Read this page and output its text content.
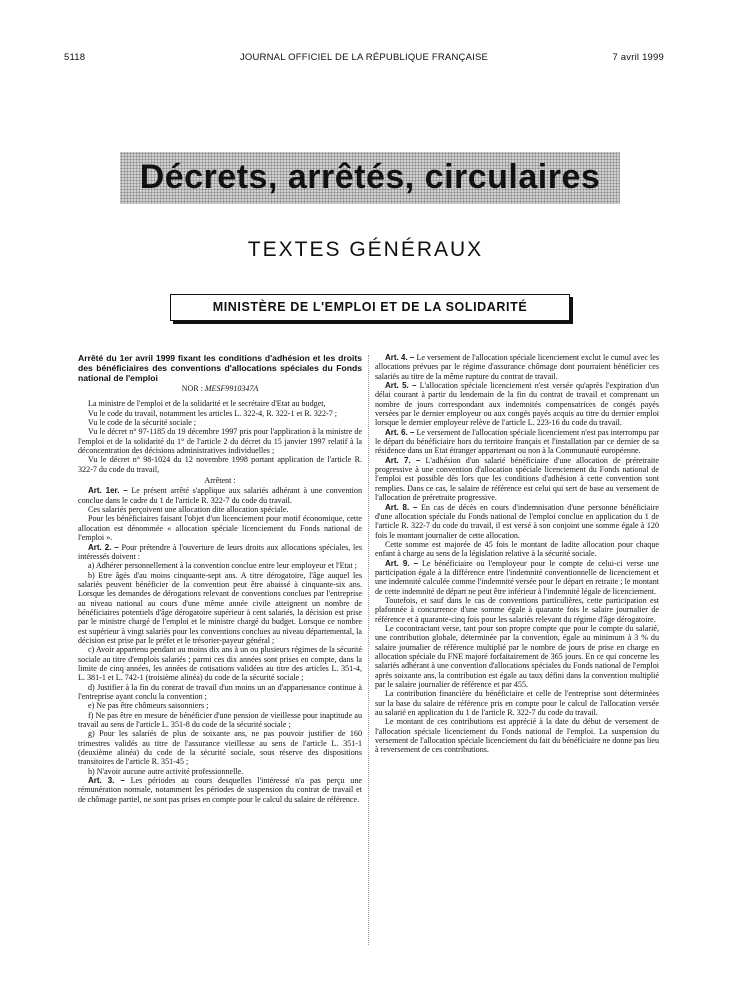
5118	JOURNAL OFFICIEL DE LA RÉPUBLIQUE FRANÇAISE	7 avril 1999
Décrets, arrêtés, circulaires
TEXTES GÉNÉRAUX
MINISTÈRE DE L'EMPLOI ET DE LA SOLIDARITÉ

Arrêté du 1er avril 1999 fixant les conditions d'adhésion et les droits des bénéficiaires des conventions d'allocations spéciales du Fonds national de l'emploi

NOR : MESF9910347A

La ministre de l'emploi et de la solidarité et le secrétaire d'Etat au budget,

Vu le code du travail, notamment les articles L. 322-4, R. 322-1 et R. 322-7 ;

Vu le code de la sécurité sociale ;

Vu le décret n° 97-1185 du 19 décembre 1997 pris pour l'application à la ministre de l'emploi et de la solidarité du 1° de l'article 2 du décret du 15 janvier 1997 relatif à la déconcentration des décisions administratives individuelles ;

Vu le décret n° 98-1024 du 12 novembre 1998 portant application de l'article R. 322-7 du code du travail,

Arrêtent :

Art. 1er. – Le présent arrêté s'applique aux salariés adhérant à une convention conclue dans le cadre du 1 de l'article R. 322-7 du code du travail.

Ces salariés perçoivent une allocation dite allocation spéciale.

Pour les bénéficiaires faisant l'objet d'un licenciement pour motif économique, cette allocation est dénommée « allocation spéciale licenciement du Fonds national de l'emploi ».

Art. 2. – Pour prétendre à l'ouverture de leurs droits aux allocations spéciales, les intéressés doivent :

a) Adhérer personnellement à la convention conclue entre leur employeur et l'Etat ;

b) Etre âgés d'au moins cinquante-sept ans. A titre dérogatoire, l'âge auquel les salariés peuvent bénéficier de la convention peut être abaissé à cinquante-six ans. Lorsque les demandes de dérogations relevant de conventions conclues par l'entreprise au niveau national au cours d'une même année civile atteignent un nombre de bénéficiaires potentiels d'âge dérogatoire supérieur à cent salariés, la décision est prise par le ministre chargé de l'emploi et le ministre chargé du budget. Lorsque ce nombre est supérieur à vingt salariés pour les conventions conclues au niveau départemental, la décision est prise par le préfet et le trésorier-payeur général ;

c) Avoir appartenu pendant au moins dix ans à un ou plusieurs régimes de la sécurité sociale au titre d'emplois salariés ; parmi ces dix années sont prises en compte, dans la limite de cinq années, les années de cotisations validées au titre des articles L. 351-4, L. 381-1 et L. 742-1 (troisième alinéa) du code de la sécurité sociale ;

d) Justifier à la fin du contrat de travail d'un moins un an d'appartenance continue à l'entreprise ayant conclu la convention ;

e) Ne pas être chômeurs saisonniers ;

f) Ne pas être en mesure de bénéficier d'une pension de vieillesse pour inaptitude au travail au sens de l'article L. 351-8 du code de la sécurité sociale ;

g) Pour les salariés de plus de soixante ans, ne pas pouvoir justifier de 160 trimestres validés au titre de l'assurance vieillesse au sens de l'article L. 351-1 (deuxième alinéa) du code de la sécurité sociale, sous réserve des dispositions transitoires de l'article R. 351-45 ;

h) N'avoir aucune autre activité professionnelle.

Art. 3. – Les périodes au cours desquelles l'intéressé n'a pas perçu une rémunération normale, notamment les périodes de suspension du contrat de travail et de chômage partiel, ne sont pas prises en compte pour le calcul du salaire de référence.

Art. 4. – Le versement de l'allocation spéciale licenciement exclut le cumul avec les allocations prévues par le régime d'assurance chômage dont pourraient bénéficier ces salariés au titre de la même rupture du contrat de travail.

Art. 5. – L'allocation spéciale licenciement n'est versée qu'après l'expiration d'un délai courant à partir du lendemain de la fin du contrat de travail et comprenant un nombre de jours correspondant aux indemnités compensatrices de congés payés versées par le dernier employeur ou aux congés payés acquis au titre du dernier emploi lorsque le dernier employeur relève de l'article L. 223-16 du code du travail.

Art. 6. – Le versement de l'allocation spéciale licenciement n'est pas interrompu par le départ du bénéficiaire hors du territoire français et l'installation par ce dernier de sa résidence dans un Etat étranger appartenant ou non à la Communauté européenne.

Art. 7. – L'adhésion d'un salarié bénéficiaire d'une allocation de préretraite progressive à une convention d'allocation spéciale licenciement du Fonds national de l'emploi est possible dès lors que les conditions d'adhésion à cette convention sont remplies. Dans ce cas, le salaire de référence est celui qui sert de base au versement de l'allocation de préretraite progressive.

Art. 8. – En cas de décès en cours d'indemnisation d'une personne bénéficiaire d'une allocation spéciale du Fonds national de l'emploi conclue en application du 1 de l'article R. 322-7 du code du travail, il est versé à son conjoint une somme égale à 120 fois le montant journalier de cette allocation.

Cette somme est majorée de 45 fois le montant de ladite allocation pour chaque enfant à charge au sens de la législation relative à la sécurité sociale.

Art. 9. – Le bénéficiaire ou l'employeur pour le compte de celui-ci verse une participation égale à la différence entre l'indemnité conventionnelle de licenciement et une indemnité calculée comme l'indemnité versée pour le départ en retraite ; le montant de cette indemnité de départ ne peut être inférieur à l'indemnité légale de licenciement.

Toutefois, et sauf dans le cas de conventions particulières, cette participation est plafonnée à concurrence d'une somme égale à quarante fois le salaire journalier de référence et à quarante-cinq fois pour les salariés relevant du régime d'âge dérogatoire.

Le cocontractant verse, tant pour son propre compte que pour le compte du salarié, une contribution globale, déterminée par la convention, égale au minimum à 3 % du salaire journalier de référence multiplié par le nombre de jours de prise en charge en allocation spéciale du FNE majoré forfaitairement de 365 jours. En ce qui concerne les salariés adhérant à une convention d'allocations spéciales du Fonds national de l'emploi après soixante ans, la contribution est égale au taux défini dans la convention multiplié par le salaire journalier de référence et par 455.

La contribution financière du bénéficiaire et celle de l'entreprise sont déterminées sur la base du salaire de référence pris en compte pour le calcul de l'allocation versée au salarié en application du 1 de l'article R. 322-7 du code du travail.

Le montant de ces contributions est apprécié à la date du début de versement de l'allocation spéciale licenciement du Fonds national de l'emploi. La suspension du versement de l'allocation spéciale licenciement du fait du bénéficiaire ne donne pas lieu à reversement de ces contributions.
